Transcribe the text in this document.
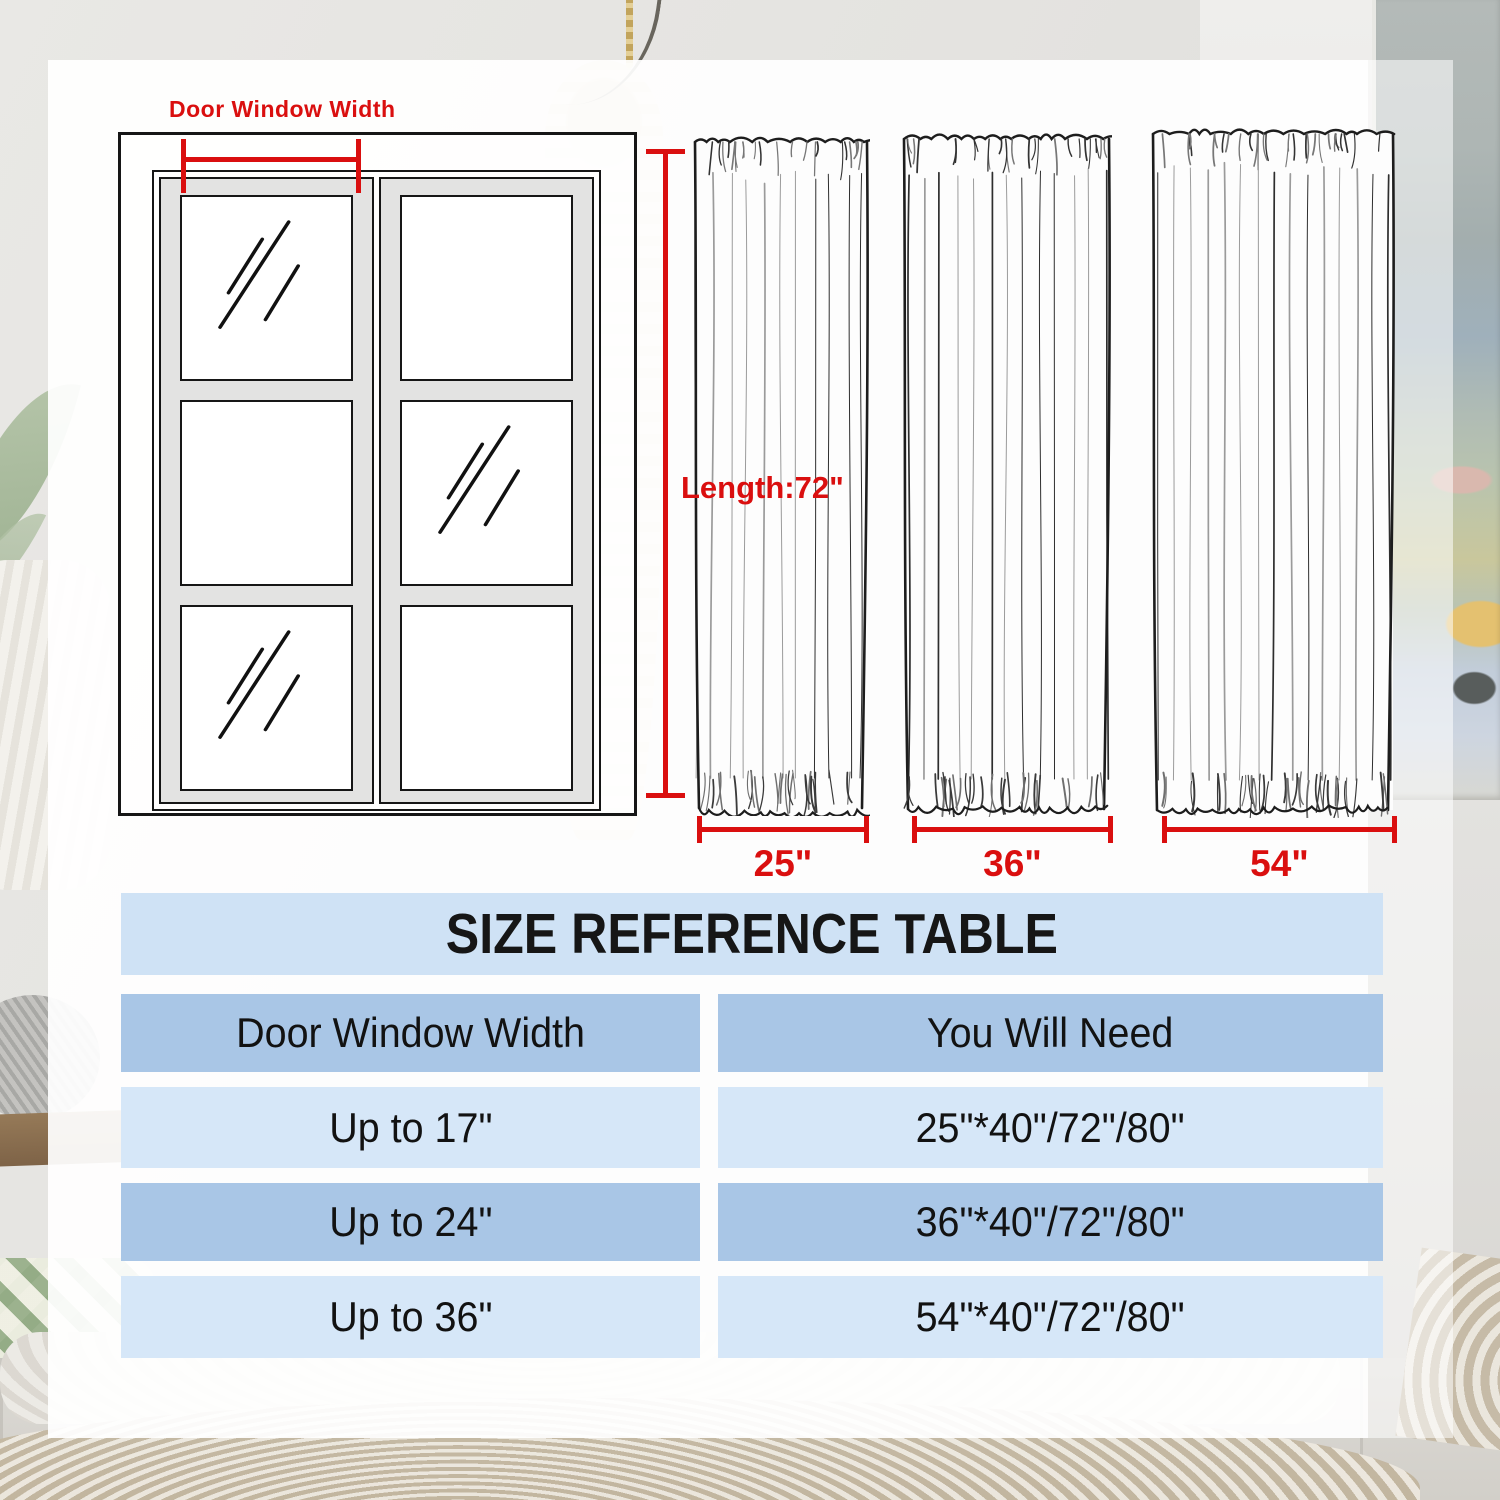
Door Window Width
Length:72"
25"	36"	54"
SIZE REFERENCE TABLE
Door Window Width	You Will Need
Up to 17"	25"*40"/72"/80"
Up to 24"	36"*40"/72"/80"
Up to 36"	54"*40"/72"/80"
